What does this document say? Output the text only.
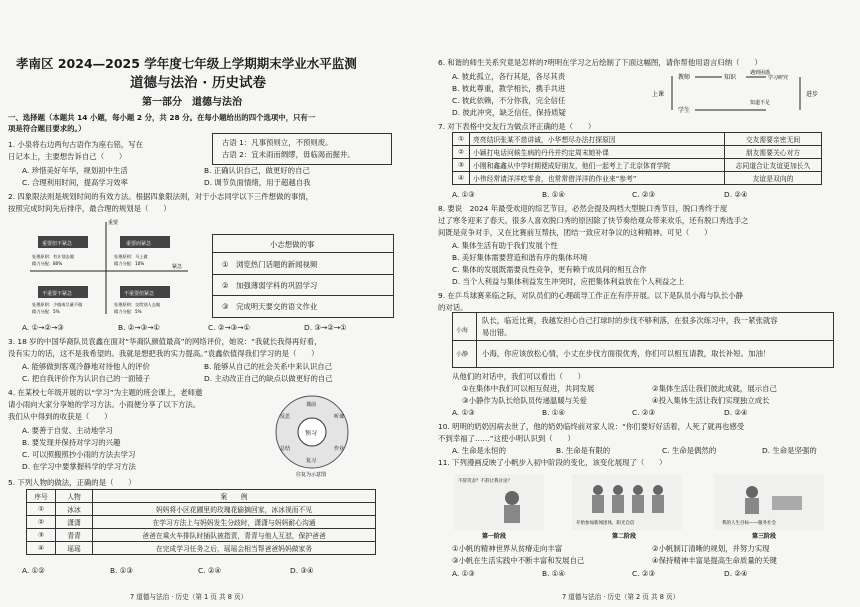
孝南区 2024—2025 学年度七年级上学期期末学业水平监测
道德与法治 · 历史试卷
第一部分　道德与法治
一、选择题（本题共 14 小题，每小题 2 分，共 28 分。在每小题给出的四个选项中，只有一
项是符合题目要求的。）
1. 小泉将右边两句古语作为座右铭，写在
日记本上，主要想告诉自己（　　）
古语 1：凡事预则立，不预则废。
古语 2：宜未雨而绸缪，毋临渴而掘井。
A. 珍惜美好年华，规划初中生活	B. 正确认识自己，做更好的自己
C. 合理利用时间，提高学习效率	D. 调节负面情绪，用于超越自我
2. 四象限法则是规划时间的有效方法。根据四象限法则，对于小志同学以下三件想做的事情，
按照完成时间先后排序，最合理的规划是（　　）
重要
紧急
重要但不紧急
处理原则：有计划去做
精力分配：80%
重要而紧急
处理原则：马上做
精力分配：10%
不重要不紧急
处理原则：少做或尽量不做
精力分配：5%
不重要但紧急
处理原则：交给别人去做
精力分配：5%
小志想做的事
①　浏览热门话题的新闻视频
②　加强薄弱学科的巩固学习
③　完成明天要交的语文作业
A. ①→②→③	B. ②→③→①	C. ②→③→①	D. ③→②→①
3. 18 岁的中国华裔队员袁鑫在面对“华裔队颜值最高”的网络评价，她说：“我就长我得再好看，
没有实力的话，这不是我希望的。我就是想把我的实力提高。”袁鑫依值得我们学习的是（　　）
A. 能够做到客观冷静地对待他人的评价	B. 能够从自己的社会关系中来认识自己
C. 把自我评价作为认识自己的一面镜子	D. 主动改正自己的缺点以做更好的自己
4. 在某校七年级开展的以“学习”为主题的班会课上，老师邀
请小雨向大家分享她的学习方法。小雨便分享了以下方法。
我们从中得到的收获是（　　）
A. 要善于自觉、主动地学习
B. 要发现并保持对学习的兴趣
C. 可以照搬照抄小雨的方法去学习
D. 在学习中要掌握科学的学习方法
预习
课前
听课
作业
复习
总结
反思
往复为示意图
5. 下列人物的做法，正确的是（　　）
序号	人物	案　　例
①	冰冰	妈妈将小区花圃里的玫瑰花偷摘回家，冰冰视而不见
②	潇潇	在学习方法上与妈妈发生分歧时，潇潇与妈妈耐心沟通
③	青青	爸爸在乘火车排队时插队被指责，青青与他人互怼，保护爸爸
④	瑶瑶	在完成学习任务之后，瑶瑶会相当帮爸爸妈妈做家务
A. ①②	B. ①③	C. ②④	D. ③④
7 道德与法治 · 历史（第 1 页 共 8 页）
6. 和谐的师生关系究竟是怎样的?明明在学习之后绘制了下面这幅图，请你帮他用语言归纳（　　）
A. 彼此孤立，各行其是，各尽其责
B. 彼此尊重，教学相长，携手共进
C. 彼此依赖，不分你我，完全信任
D. 彼此冲突，缺乏信任，保持质疑
教师	知识
遇到困惑
学习研究
上课
学生
知道不足
进步
7. 对下表格中交友行为做点评正确的是（　　）
①	亮亮结识张某不慈讲诚，小华想尽办法打探原因	交友需要亲密无间
②	小颖打电话问候生病的丹丹并约定周末她补课	朋友需要关心对方
③	小刚和鑫鑫从中学时期便成好朋友，他们一起考上了北京体育学院	志同道合让友谊更加长久
④	小伟经常请洋洋吃零食，也常常借洋洋的作业来“参考”	友谊是双向的
A. ①③	B. ①④	C. ②③	D. ②④
8. 要说　2024 年最受欢迎的综艺节目，必然会提及两档大型脱口秀节目，脱口秀终于度
过了寒冬迎来了春天。很多人喜欢脱口秀的原因除了快节奏给观众带来欢乐，还有脱口秀选手之
间既是竞争对手，又在比赛前互帮扶，团结一致应对争议的这种精神。可见（　　）
A. 集体生活有助于我们发展个性
B. 美好集体需要营造和谐有序的集体环境
C. 集体的发展既需要良性竞争，更有赖于成员间的相互合作
D. 当个人利益与集体利益发生冲突时，应把集体利益放在个人利益之上
9. 在乒乓球赛来临之际，对队员们的心理疏导工作正在有序开展。以下是队员小海与队长小静
的对话。
小海
队长，临近比赛，我越发担心自己打球时的步伐不够利落，在很多次练习中，我一紧张就容
易出错。
小静 小海，你应该放松心情，小丈在步伐方面很优秀，你们可以相互请教，取长补短。加油！
从他们的对话中，我们可以看出（　　）
①在集体中我们可以相互促进，共同发展	②集体生活让我们彼此成就，展示自己
③小静作为队长给队员传递温暖与关爱	④投入集体生活让我们实现独立成长
A. ①③	B. ①④	C. ②③	D. ②④
10. 明明的奶奶因病去世了，他的奶奶临终前对家人说：“你们要好好活着，人死了就再也感受
不到幸福了……”这使小明认识到（　　）
A. 生命是永恒的	B. 生命是有限的	C. 生命是偶然的	D. 生命是坚强的
11. 下列漫画反映了小帆步入初中阶段的变化，该变化展现了（　　）
不辞笑舍？不辞让我讨论？
开始参加新闻团体，阳光自信	我的人生目标——服务社会
第一阶段	第二阶段	第三阶段
①小帆的精神世界从贫瘠走向丰富	②小帆制订清晰的规划，并努力实现
③小帆在生活实践中不断丰富和发展自己	④保持精神丰富是提高生命质量的关键
A. ①③	B. ①④	C. ②③	D. ②④
7 道德与法治 · 历史（第 2 页 共 8 页）
